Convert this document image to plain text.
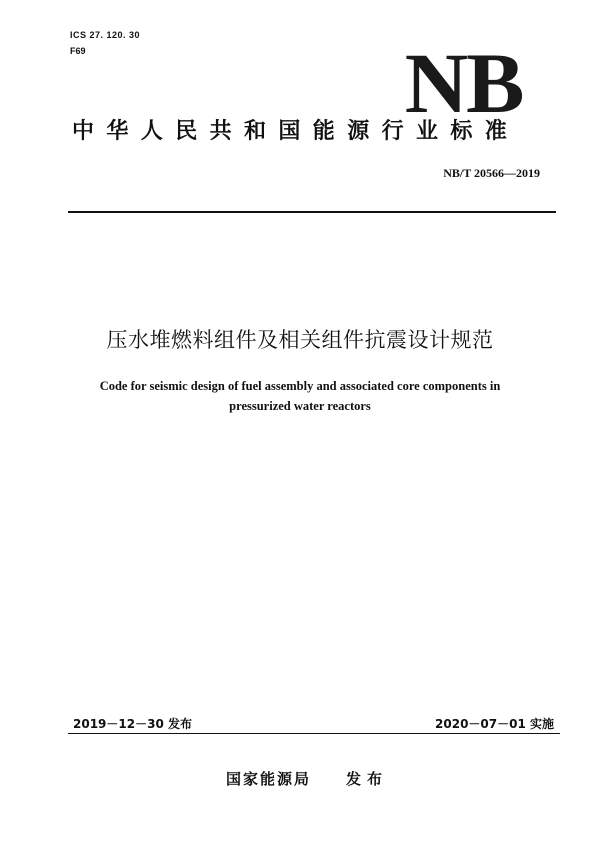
ICS 27. 120. 30
F69	NB
中华人民共和国能源行业标准
NB/T 20566—2019
压水堆燃料组件及相关组件抗震设计规范
Code for seismic design of fuel assembly and associated core components in
pressurized water reactors
2019－12－30 发布	2020－07－01 实施
国家能源局 发布
